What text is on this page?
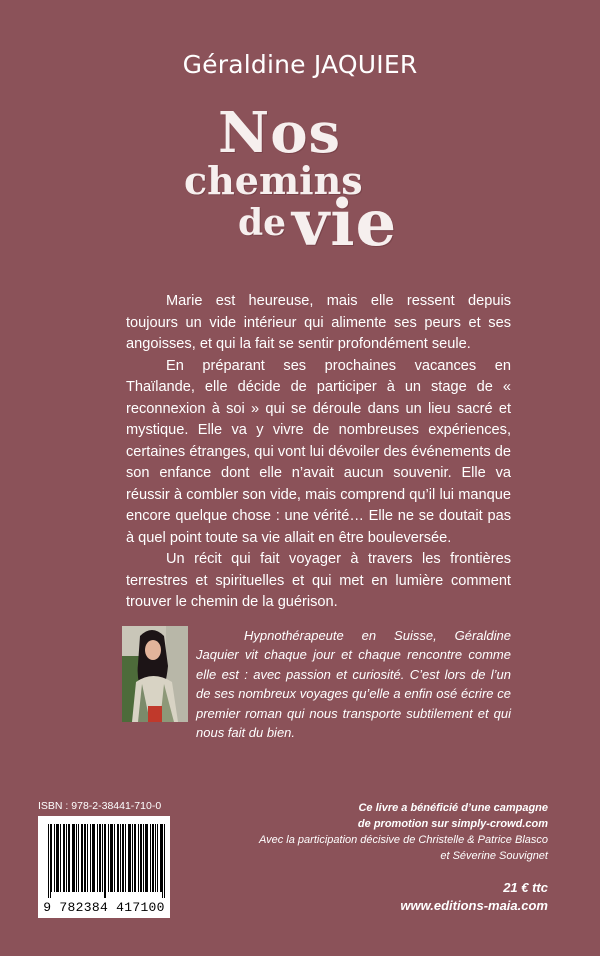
Géraldine JAQUIER
Nos
chemins
de vie

Marie est heureuse, mais elle ressent depuis toujours un vide intérieur qui alimente ses peurs et ses angoisses, et qui la fait se sentir profondément seule.

En préparant ses prochaines vacances en Thaïlande, elle décide de participer à un stage de « reconnexion à soi » qui se déroule dans un lieu sacré et mystique. Elle va y vivre de nombreuses expériences, certaines étranges, qui vont lui dévoiler des événements de son enfance dont elle n’avait aucun souvenir. Elle va réussir à combler son vide, mais comprend qu’il lui manque encore quelque chose : une vérité… Elle ne se doutait pas à quel point toute sa vie allait en être bouleversée.

Un récit qui fait voyager à travers les frontières terrestres et spirituelles et qui met en lumière comment trouver le chemin de la guérison.

Hypnothérapeute en Suisse, Géraldine Jaquier vit chaque jour et chaque rencontre comme elle est : avec passion et curiosité. C’est lors de l’un de ses nombreux voyages qu’elle a enfin osé écrire ce premier roman qui nous transporte subtilement et qui nous fait du bien.

ISBN : 978-2-38441-710-0
9 782384 417100
Ce livre a bénéficié d’une campagne
de promotion sur simply-crowd.com
Avec la participation décisive de Christelle & Patrice Blasco
et Séverine Souvignet
21 € ttc
www.editions-maia.com
